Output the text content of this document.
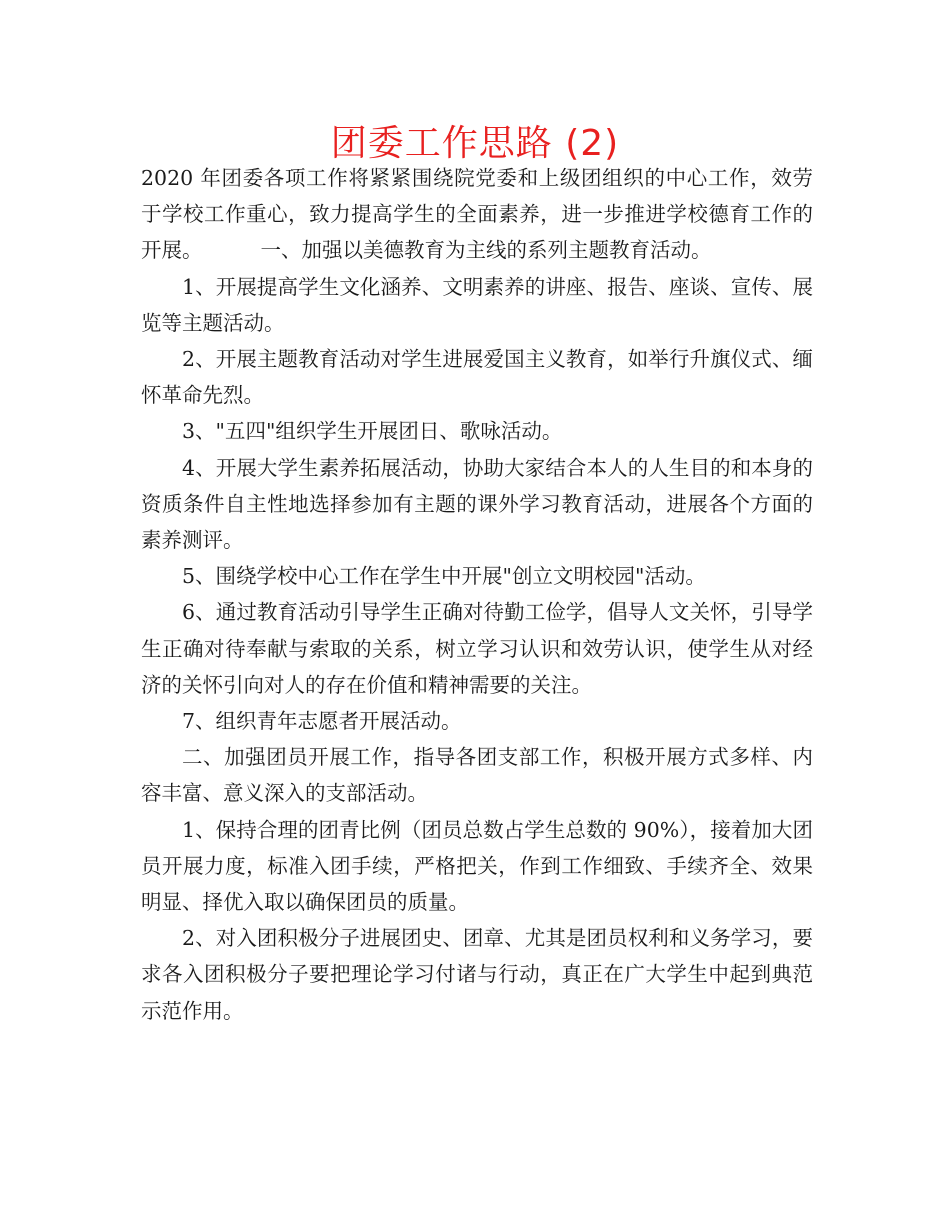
团委工作思路 (2)

2020 年团委各项工作将紧紧围绕院党委和上级团组织的中心工作，效劳于学校工作重心，致力提高学生的全面素养，进一步推进学校德育工作的开展。	一、加强以美德教育为主线的系列主题教育活动。

1、开展提高学生文化涵养、文明素养的讲座、报告、座谈、宣传、展览等主题活动。

2、开展主题教育活动对学生进展爱国主义教育，如举行升旗仪式、缅怀革命先烈。

3、"五四"组织学生开展团日、歌咏活动。

4、开展大学生素养拓展活动，协助大家结合本人的人生目的和本身的资质条件自主性地选择参加有主题的课外学习教育活动，进展各个方面的素养测评。

5、围绕学校中心工作在学生中开展"创立文明校园"活动。

6、通过教育活动引导学生正确对待勤工俭学，倡导人文关怀，引导学生正确对待奉献与索取的关系，树立学习认识和效劳认识，使学生从对经济的关怀引向对人的存在价值和精神需要的关注。

7、组织青年志愿者开展活动。

二、加强团员开展工作，指导各团支部工作，积极开展方式多样、内容丰富、意义深入的支部活动。

1、保持合理的团青比例（团员总数占学生总数的 90%），接着加大团员开展力度，标准入团手续，严格把关，作到工作细致、手续齐全、效果明显、择优入取以确保团员的质量。

2、对入团积极分子进展团史、团章、尤其是团员权利和义务学习，要求各入团积极分子要把理论学习付诸与行动，真正在广大学生中起到典范示范作用。
